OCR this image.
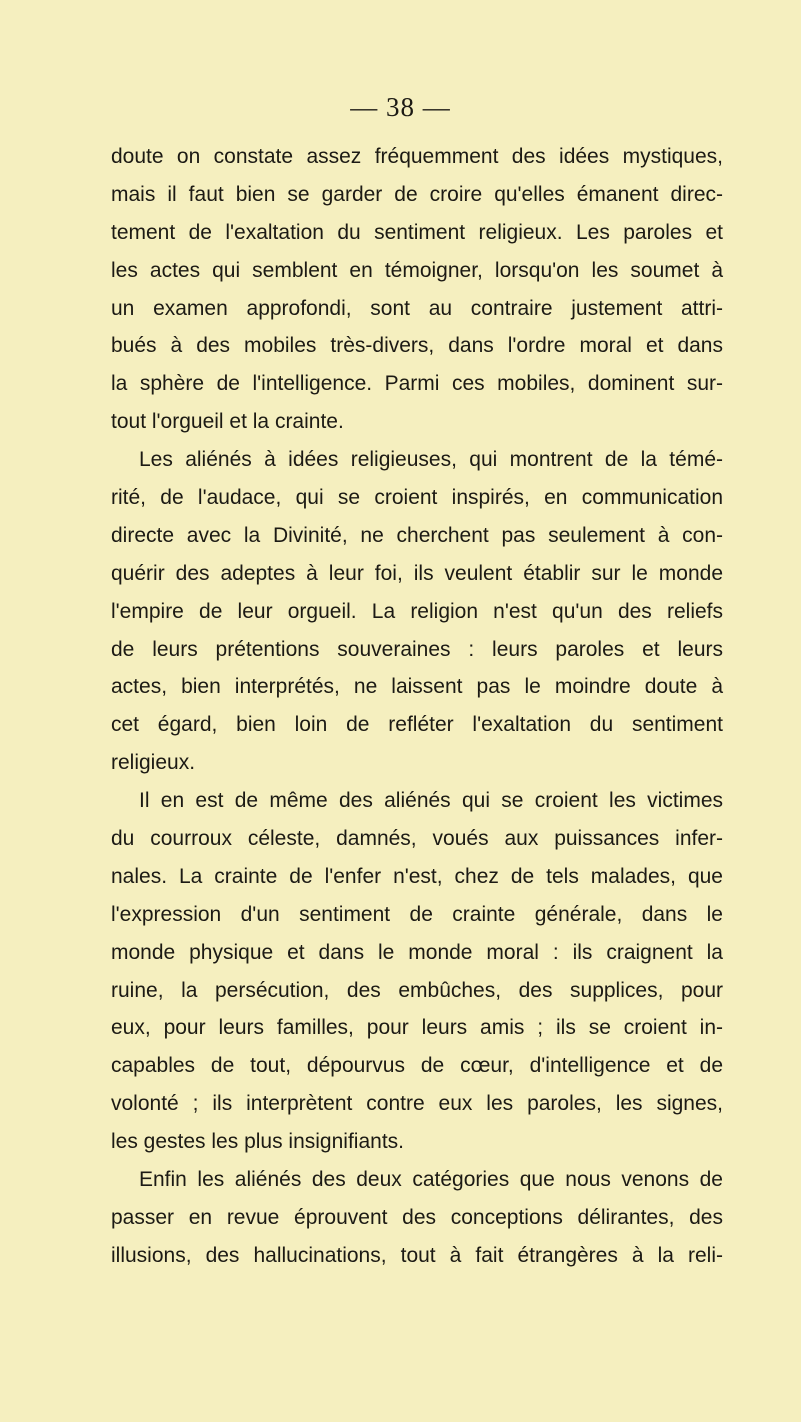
— 38 —
doute on constate assez fréquemment des idées mystiques,
mais il faut bien se garder de croire qu'elles émanent direc-
tement de l'exaltation du sentiment religieux. Les paroles et
les actes qui semblent en témoigner, lorsqu'on les soumet à
un examen approfondi, sont au contraire justement attri-
bués à des mobiles très-divers, dans l'ordre moral et dans
la sphère de l'intelligence. Parmi ces mobiles, dominent sur-
tout l'orgueil et la crainte.
Les aliénés à idées religieuses, qui montrent de la témé-
rité, de l'audace, qui se croient inspirés, en communication
directe avec la Divinité, ne cherchent pas seulement à con-
quérir des adeptes à leur foi, ils veulent établir sur le monde
l'empire de leur orgueil. La religion n'est qu'un des reliefs
de leurs prétentions souveraines : leurs paroles et leurs
actes, bien interprétés, ne laissent pas le moindre doute à
cet égard, bien loin de refléter l'exaltation du sentiment
religieux.
Il en est de même des aliénés qui se croient les victimes
du courroux céleste, damnés, voués aux puissances infer-
nales. La crainte de l'enfer n'est, chez de tels malades, que
l'expression d'un sentiment de crainte générale, dans le
monde physique et dans le monde moral : ils craignent la
ruine, la persécution, des embûches, des supplices, pour
eux, pour leurs familles, pour leurs amis ; ils se croient in-
capables de tout, dépourvus de cœur, d'intelligence et de
volonté ; ils interprètent contre eux les paroles, les signes,
les gestes les plus insignifiants.
Enfin les aliénés des deux catégories que nous venons de
passer en revue éprouvent des conceptions délirantes, des
illusions, des hallucinations, tout à fait étrangères à la reli-
